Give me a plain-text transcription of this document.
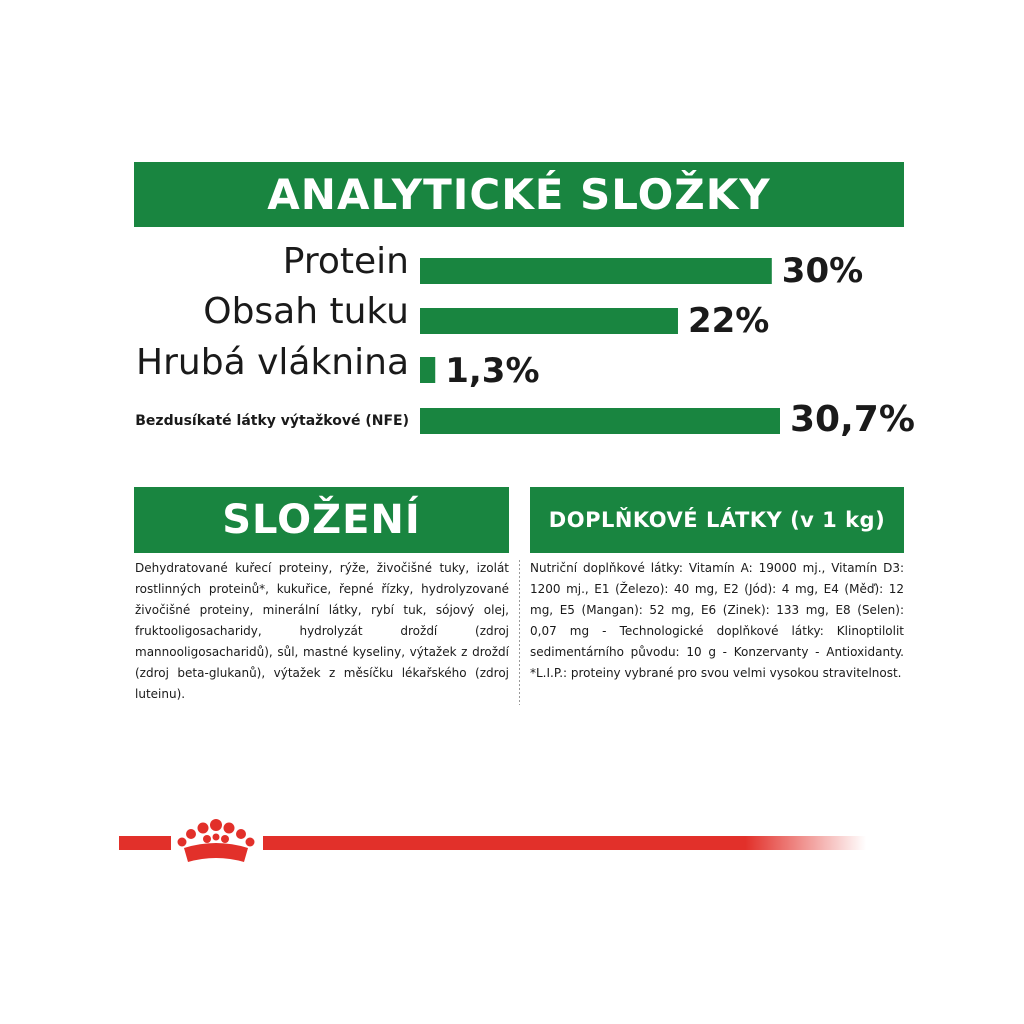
ANALYTICKÉ SLOŽKY
Protein	30%
Obsah tuku	22%
Hrubá vláknina 1,3%
Bezdusíkaté látky výtažkové (NFE)	30,7%
SLOŽENÍ
Dehydratované kuřecí proteiny, rýže, živočišné tuky, izolát rostlinných proteinů*, kukuřice, řepné řízky, hydrolyzované živočišné proteiny, minerální látky, rybí tuk, sójový olej, fruktooligosacharidy, hydrolyzát droždí (zdroj mannooligosacharidů), sůl, mastné kyseliny, výtažek z droždí (zdroj beta-glukanů), výtažek z měsíčku lékařského (zdroj luteinu).
DOPLŇKOVÉ LÁTKY (v 1 kg)
Nutriční doplňkové látky: Vitamín A: 19000 mj., Vitamín D3: 1200 mj., E1 (Železo): 40 mg, E2 (Jód): 4 mg, E4 (Měď): 12 mg, E5 (Mangan): 52 mg, E6 (Zinek): 133 mg, E8 (Selen): 0,07 mg - Technologické doplňkové látky: Klinoptilolit sedimentárního původu: 10 g - Konzervanty - Antioxidanty. *L.I.P.: proteiny vybrané pro svou velmi vysokou stravitelnost.
